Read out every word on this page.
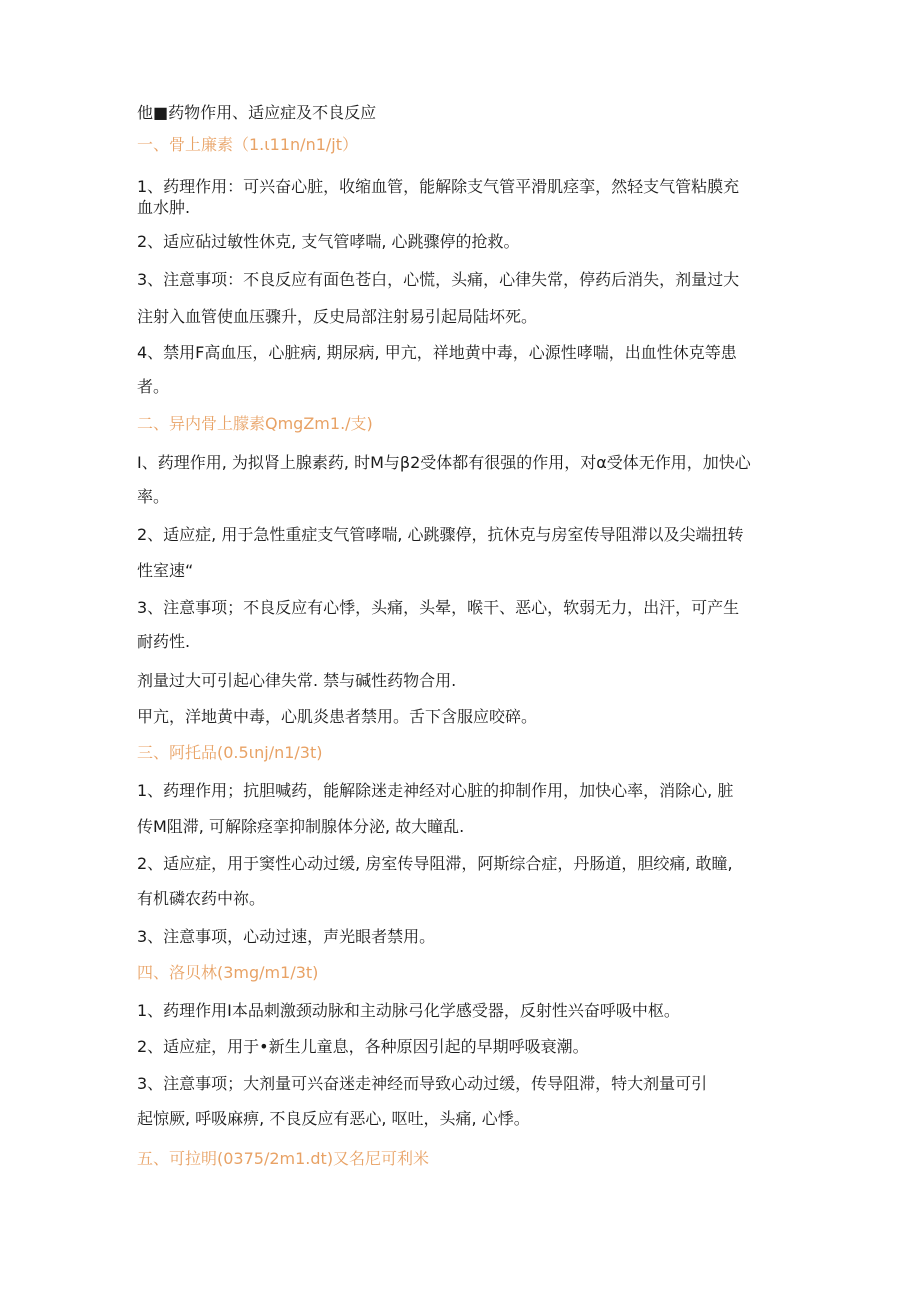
他■药物作用、适应症及不良反应
一、骨上廉素（1.ι11n∕n1∕jt）
1、药理作用：可兴奋心脏，收缩血管，能解除支气管平滑肌痉挛，然轻支气管粘膜充
血水肿.
2、适应砧过敏性休克, 支气管哮喘, 心跳骤停的抢救。
3、注意事项：不良反应有面色苍白，心慌，头痛，心律失常，停药后消失，剂量过大
注射入血管使血压骤升，反史局部注射易引起局陆坏死。
4、禁用F高血压，心脏病, 期尿病, 甲亢，祥地黄中毒，心源性哮喘，出血性休克等患
者。
二、异内骨上朦素QmgZm1./支)
I、药理作用, 为拟肾上腺素药, 时M与β2受体都有很强的作用，对α受体无作用，加快心
率。
2、适应症, 用于急性重症支气管哮喘, 心跳骤停，抗休克与房室传导阻滞以及尖端扭转
性室速“
3、注意事项；不良反应有心悸，头痛，头晕，喉干、恶心，软弱无力，出汗，可产生
耐药性.
剂量过大可引起心律失常. 禁与碱性药物合用.
甲亢，洋地黄中毒，心肌炎患者禁用。舌下含服应咬碎。
三、阿托品(0.5ιnj∕n1∕3t)
1、药理作用；抗胆喊药，能解除迷走神经对心脏的抑制作用，加快心率，消除心, 脏
传M阻滞, 可解除痉挛抑制腺体分泌, 故大瞳乱.
2、适应症，用于窦性心动过缓, 房室传导阻滞，阿斯综合症，丹肠道，胆绞痛, 敢瞳,
有机磷农药中祢。
3、注意事项，心动过速，声光眼者禁用。
四、洛贝林(3mg∕m1∕3t)
1、药理作用I本品刺激颈动脉和主动脉弓化学感受器，反射性兴奋呼吸中枢。
2、适应症，用于•新生儿童息，各种原因引起的早期呼吸衰潮。
3、注意事项；大剂量可兴奋迷走神经而导致心动过缓，传导阻滞，特大剂量可引
起惊厥, 呼吸麻痹, 不良反应有恶心, 呕吐，头痛, 心悸。
五、可拉明(0375∕2m1.dt)又名尼可利米
